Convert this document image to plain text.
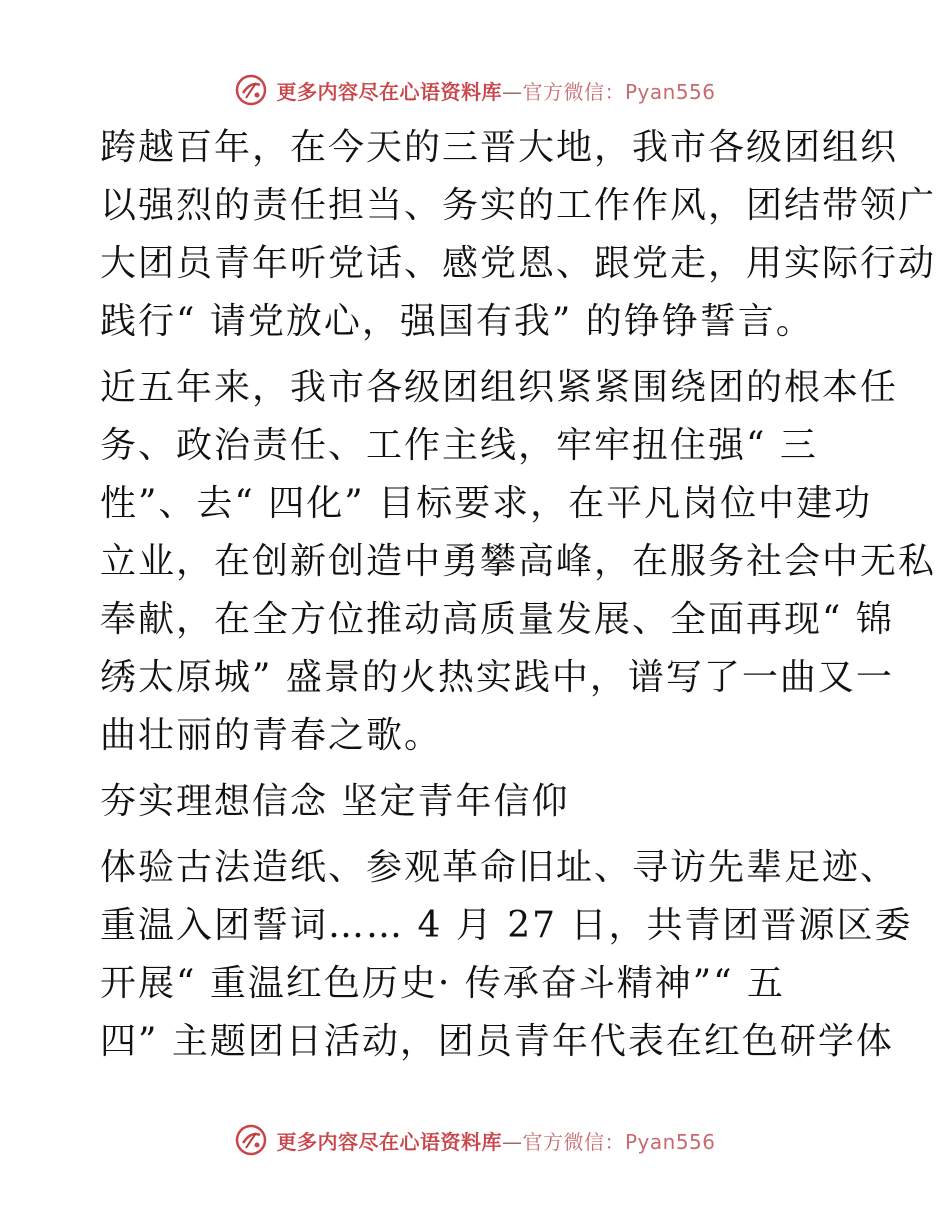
更多内容尽在心语资料库—官方微信：Pyan556
跨越百年，在今天的三晋大地，我市各级团组织
以强烈的责任担当、务实的工作作风，团结带领广
大团员青年听党话、感党恩、跟党走，用实际行动
践行“ 请党放心，强国有我” 的铮铮誓言。
近五年来，我市各级团组织紧紧围绕团的根本任
务、政治责任、工作主线，牢牢扭住强“ 三
性”、去“ 四化” 目标要求，在平凡岗位中建功
立业，在创新创造中勇攀高峰，在服务社会中无私
奉献，在全方位推动高质量发展、全面再现“ 锦
绣太原城” 盛景的火热实践中，谱写了一曲又一
曲壮丽的青春之歌。
夯实理想信念 坚定青年信仰
体验古法造纸、参观革命旧址、寻访先辈足迹、
重温入团誓词…… 4 月 27 日，共青团晋源区委
开展“ 重温红色历史· 传承奋斗精神”“ 五
四” 主题团日活动，团员青年代表在红色研学体
更多内容尽在心语资料库—官方微信：Pyan556
